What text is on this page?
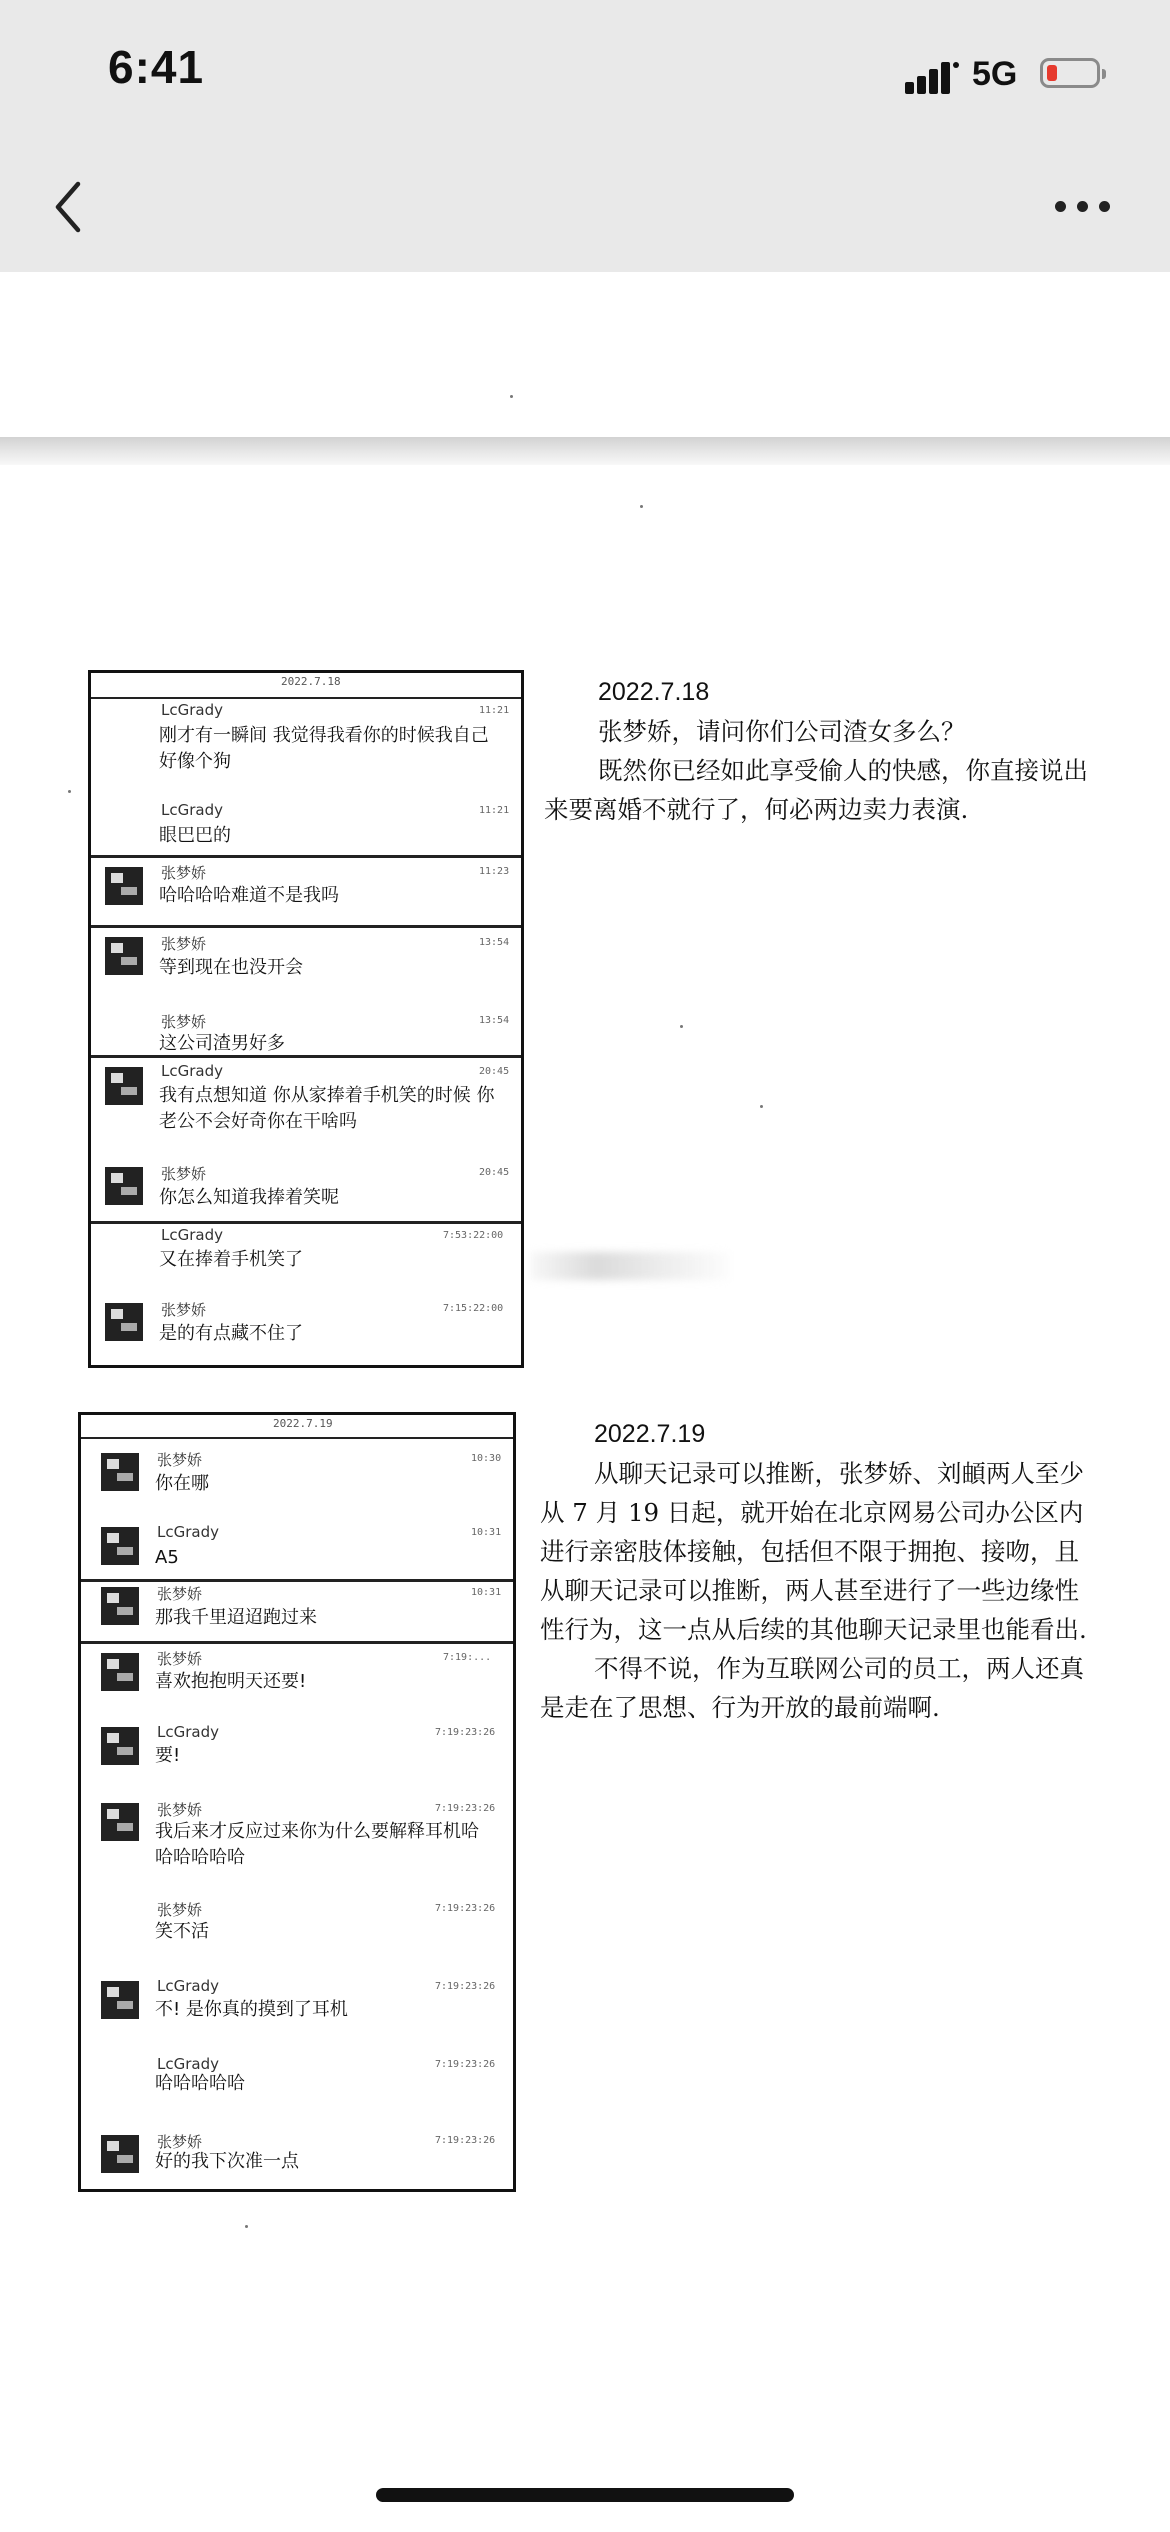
6:41	5G
2022.7.18
LcGrady	11:21
刚才有一瞬间 我觉得我看你的时候我自己
好像个狗
LcGrady	11:21
眼巴巴的
张梦娇	11:23
哈哈哈哈难道不是我吗
张梦娇	13:54
等到现在也没开会
张梦娇	13:54
这公司渣男好多
LcGrady	20:45
我有点想知道 你从家捧着手机笑的时候 你
老公不会好奇你在干啥吗
张梦娇	20:45
你怎么知道我捧着笑呢
LcGrady	7:53:22:00
又在捧着手机笑了
张梦娇	7:15:22:00
是的有点藏不住了
2022.7.19
张梦娇	10:30
你在哪
LcGrady	10:31
A5
张梦娇	10:31
那我千里迢迢跑过来
张梦娇	7:19:...
喜欢抱抱明天还要!
LcGrady	7:19:23:26
要!
张梦娇	7:19:23:26
我后来才反应过来你为什么要解释耳机哈
哈哈哈哈哈
张梦娇	7:19:23:26
笑不活
LcGrady	7:19:23:26
不! 是你真的摸到了耳机
LcGrady	7:19:23:26
哈哈哈哈哈
张梦娇	7:19:23:26
好的我下次准一点

2022.7.18

张梦娇，请问你们公司渣女多么？

既然你已经如此享受偷人的快感，你直接说出

来要离婚不就行了，何必两边卖力表演.

2022.7.19

从聊天记录可以推断，张梦娇、刘頔两人至少

从 7 月 19 日起，就开始在北京网易公司办公区内

进行亲密肢体接触，包括但不限于拥抱、接吻，且

从聊天记录可以推断，两人甚至进行了一些边缘性

性行为，这一点从后续的其他聊天记录里也能看出.

不得不说，作为互联网公司的员工，两人还真

是走在了思想、行为开放的最前端啊.
